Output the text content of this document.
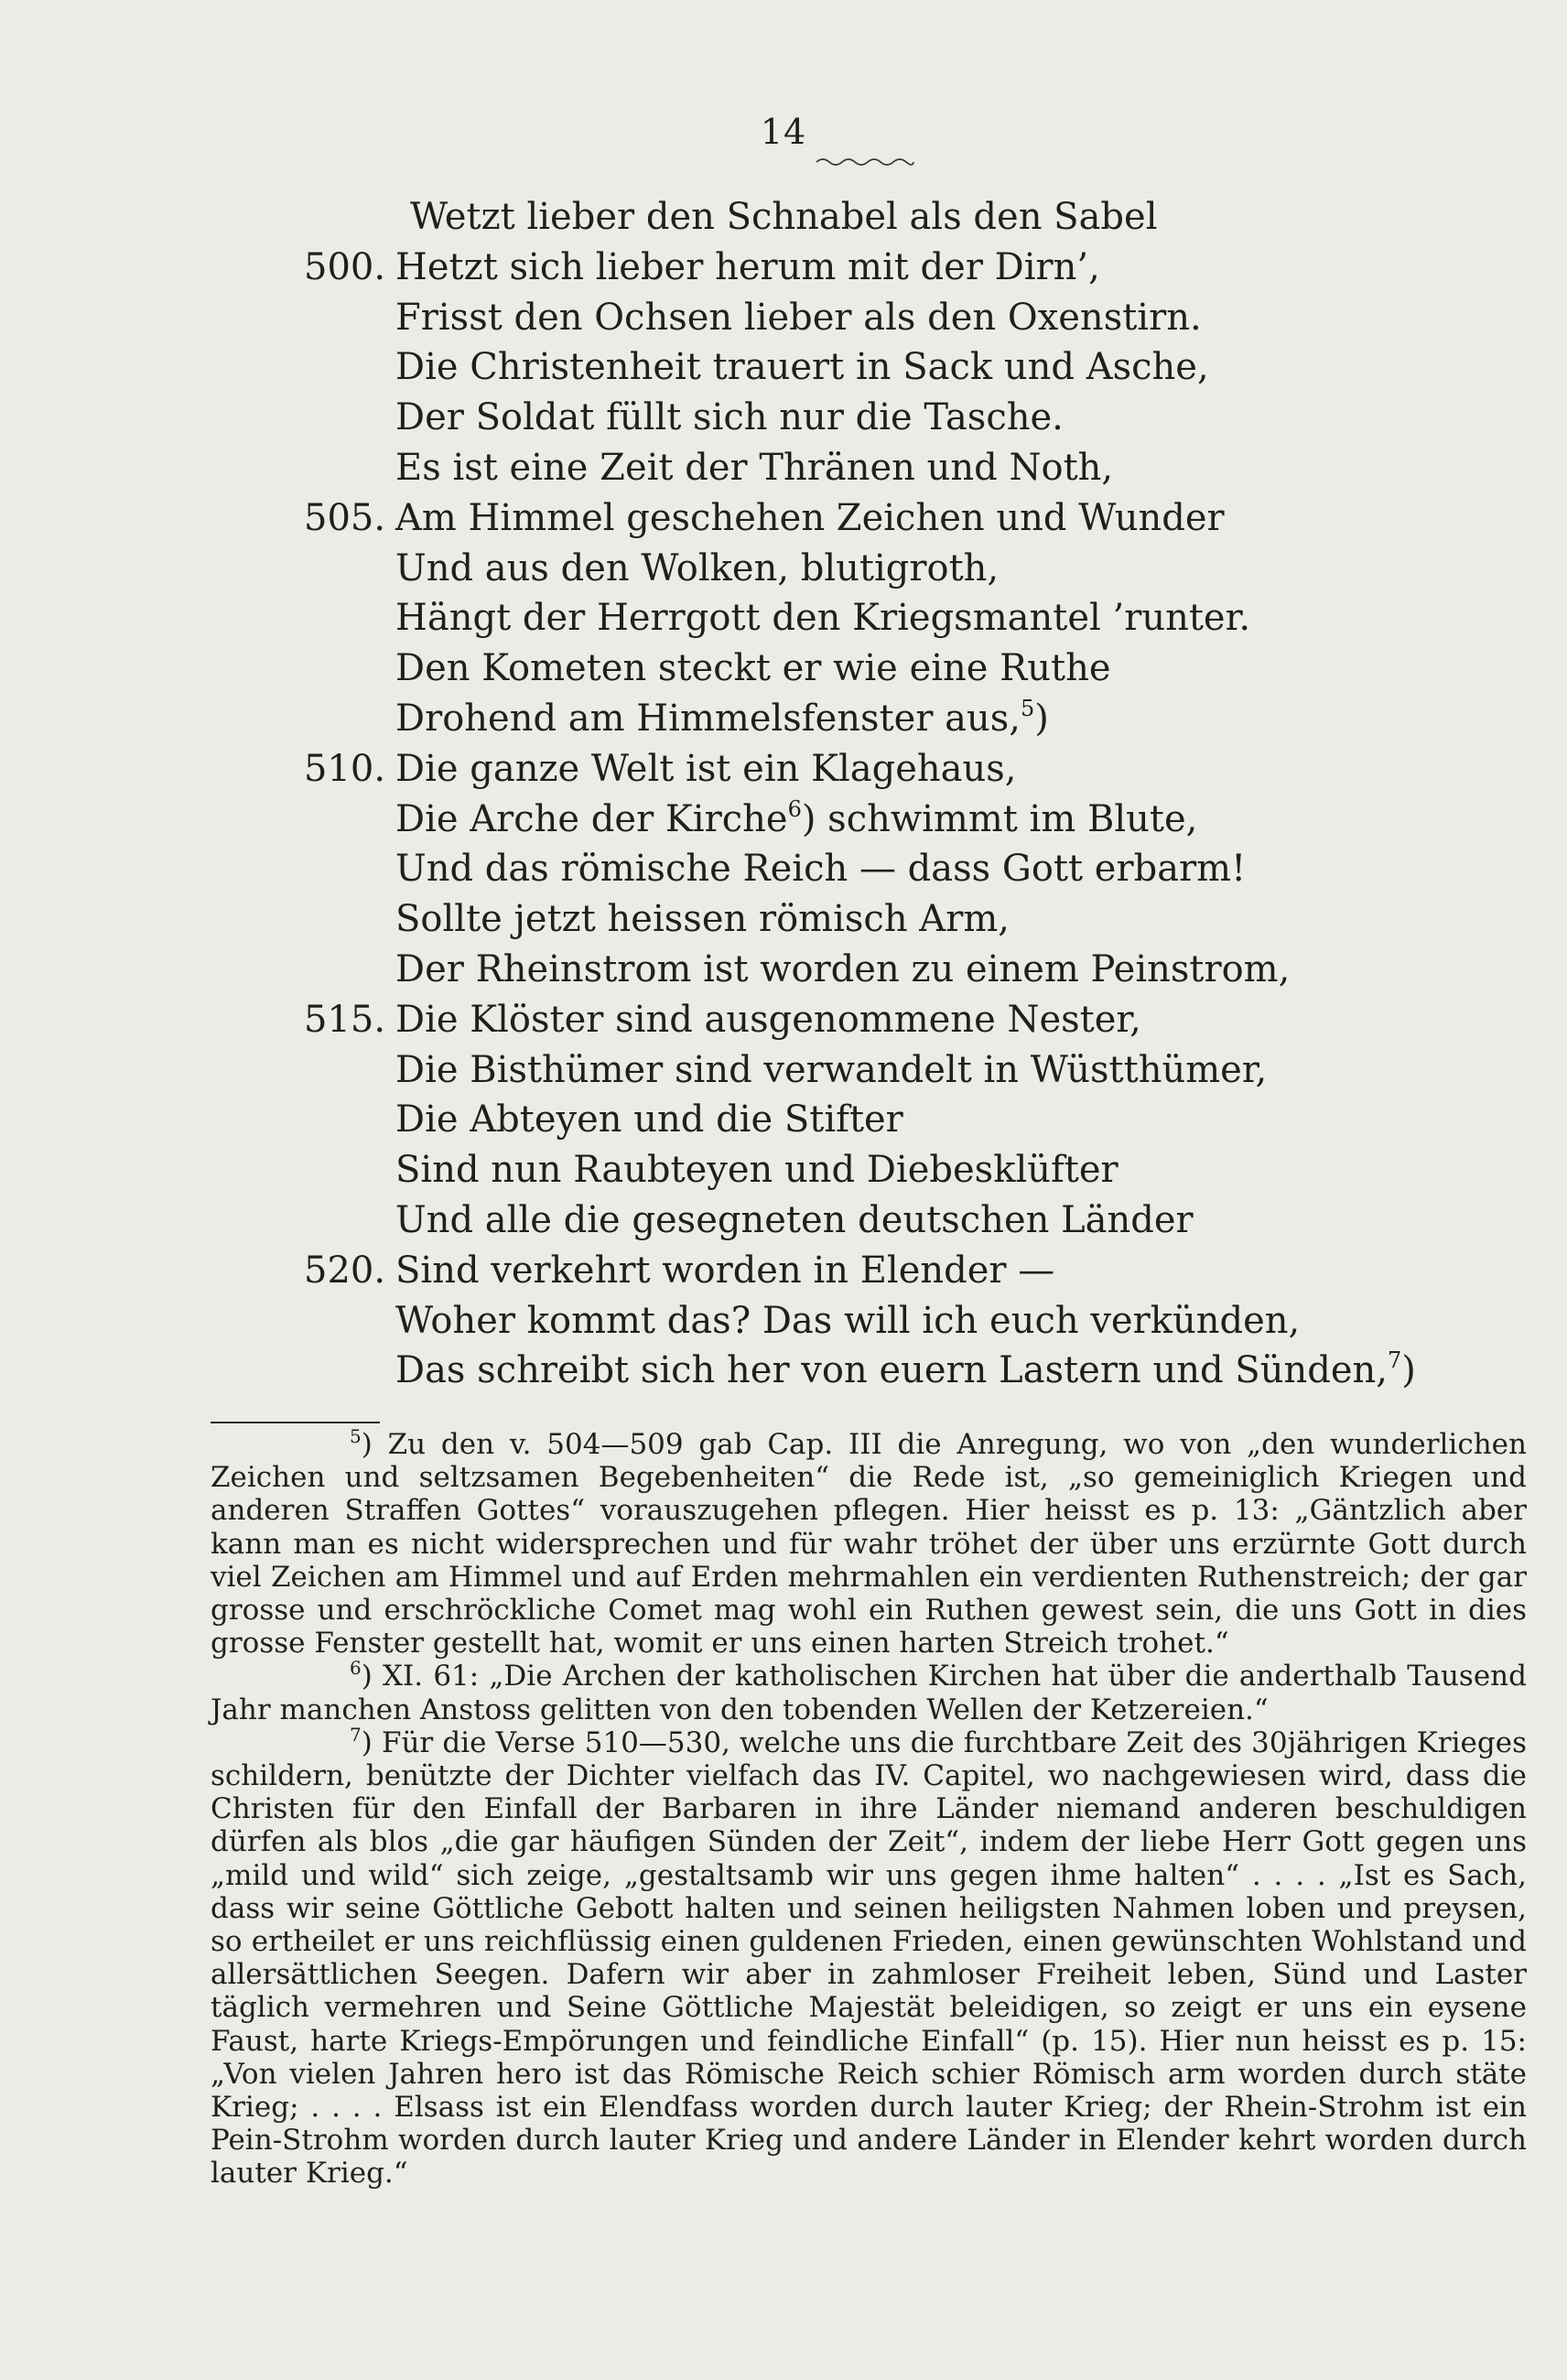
14
Wetzt lieber den Schnabel als den Sabel
500. Hetzt sich lieber herum mit der Dirn’,
Frisst den Ochsen lieber als den Oxenstirn.
Die Christenheit trauert in Sack und Asche,
Der Soldat füllt sich nur die Tasche.
Es ist eine Zeit der Thränen und Noth,
505. Am Himmel geschehen Zeichen und Wunder
Und aus den Wolken, blutigroth,
Hängt der Herrgott den Kriegsmantel ’runter.
Den Kometen steckt er wie eine Ruthe
Drohend am Himmelsfenster aus,$^5$)
510. Die ganze Welt ist ein Klagehaus,
Die Arche der Kirche$^6$) schwimmt im Blute,
Und das römische Reich — dass Gott erbarm!
Sollte jetzt heissen römisch Arm,
Der Rheinstrom ist worden zu einem Peinstrom,
515. Die Klöster sind ausgenommene Nester,
Die Bisthümer sind verwandelt in Wüstthümer,
Die Abteyen und die Stifter
Sind nun Raubteyen und Diebesklüfter
Und alle die gesegneten deutschen Länder
520. Sind verkehrt worden in Elender —
Woher kommt das? Das will ich euch verkünden,
Das schreibt sich her von euern Lastern und Sünden,$^7$)

$^5$) Zu den v. 504—509 gab Cap. III die Anregung, wo von „den wunderlichen Zeichen und seltzsamen Begebenheiten“ die Rede ist, „so gemeiniglich Kriegen und anderen Straffen Gottes“ vorauszugehen pflegen. Hier heisst es p. 13: „Gäntzlich aber kann man es nicht widersprechen und für wahr tröhet der über uns erzürnte Gott durch viel Zeichen am Himmel und auf Erden mehrmahlen ein verdienten Ruthenstreich; der gar grosse und erschröckliche Comet mag wohl ein Ruthen gewest sein, die uns Gott in dies grosse Fenster gestellt hat, womit er uns einen harten Streich trohet.“

$^6$) XI. 61: „Die Archen der katholischen Kirchen hat über die anderthalb Tausend Jahr manchen Anstoss gelitten von den tobenden Wellen der Ketzereien.“

$^7$) Für die Verse 510—530, welche uns die furchtbare Zeit des 30jährigen Krieges schildern, benützte der Dichter vielfach das IV. Capitel, wo nachgewiesen wird, dass die Christen für den Einfall der Barbaren in ihre Länder niemand anderen beschuldigen dürfen als blos „die gar häufigen Sünden der Zeit“, indem der liebe Herr Gott gegen uns „mild und wild“ sich zeige, „gestaltsamb wir uns gegen ihme halten“ . . . . „Ist es Sach, dass wir seine Göttliche Gebott halten und seinen heiligsten Nahmen loben und preysen, so ertheilet er uns reichflüssig einen guldenen Frieden, einen gewünschten Wohlstand und allersättlichen Seegen. Dafern wir aber in zahmloser Freiheit leben, Sünd und Laster täglich vermehren und Seine Göttliche Majestät beleidigen, so zeigt er uns ein eysene Faust, harte Kriegs-Empörungen und feindliche Einfall“ (p. 15). Hier nun heisst es p. 15: „Von vielen Jahren hero ist das Römische Reich schier Römisch arm worden durch stäte Krieg; . . . . Elsass ist ein Elendfass worden durch lauter Krieg; der Rhein-Strohm ist ein Pein-Strohm worden durch lauter Krieg und andere Länder in Elender kehrt worden durch lauter Krieg.“
